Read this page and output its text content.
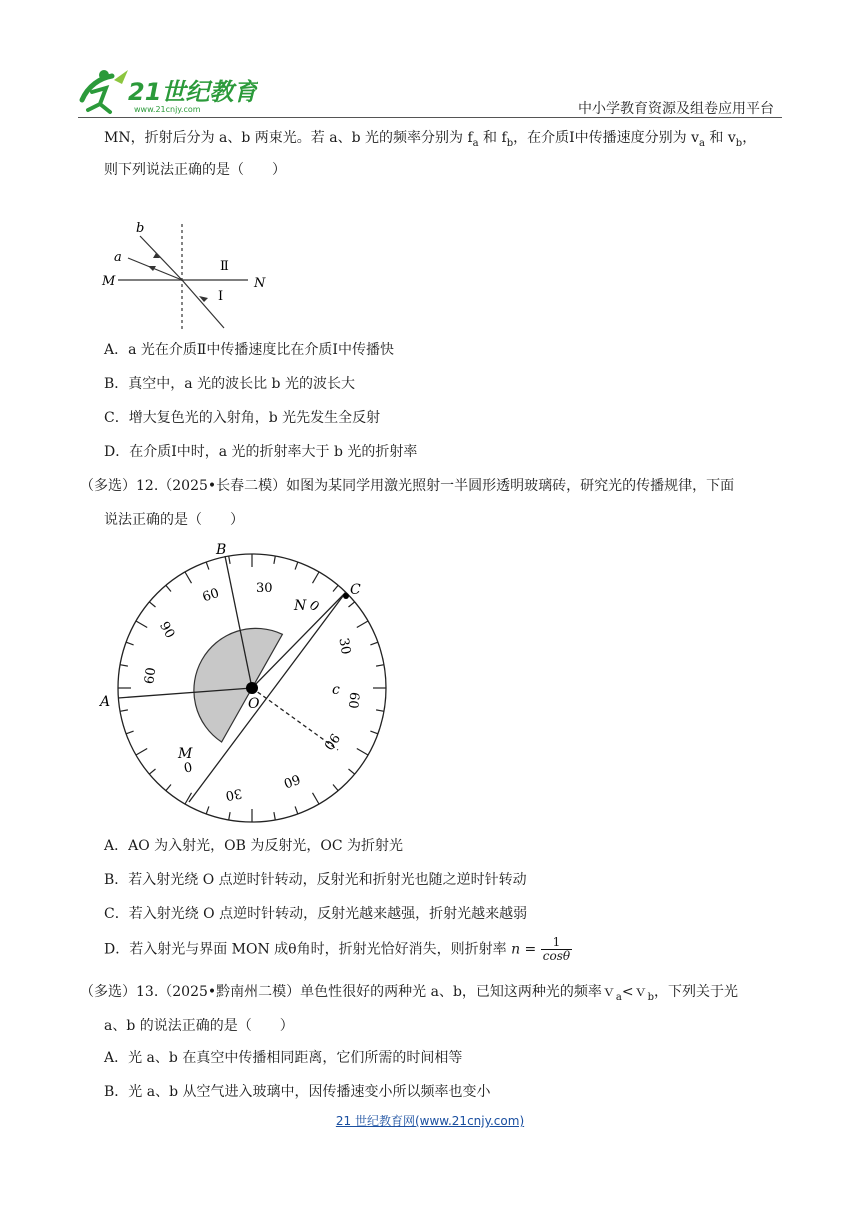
21世纪教育
www.21cnjy.com	中小学教育资源及组卷应用平台
MN，折射后分为 a、b 两束光。若 a、b 光的频率分别为 $f_a$ 和 $f_b$，在介质Ⅰ中传播速度分别为 $v_a$ 和 $v_b$，
则下列说法正确的是（　　）
b
a
M	N
Ⅱ
Ⅰ
A．a 光在介质Ⅱ中传播速度比在介质Ⅰ中传播快
B．真空中，a 光的波长比 b 光的波长大
C．增大复色光的入射角，b 光先发生全反射
D．在介质Ⅰ中时，a 光的折射率大于 b 光的折射率
（多选）12.（2025•长春二模）如图为某同学用激光照射一半圆形透明玻璃砖，研究光的传播规律，下面
说法正确的是（　　）
B
C
N
O
A
M
c
30
60
90
60
0
30
60
90
0
30
60
A．AO 为入射光，OB 为反射光，OC 为折射光
B．若入射光绕 O 点逆时针转动，反射光和折射光也随之逆时针转动
C．若入射光绕 O 点逆时针转动，反射光越来越强，折射光越来越弱
D．若入射光与界面 MON 成θ角时，折射光恰好消失，则折射率 $n = \frac{1}{\cos\theta}$
（多选）13.（2025•黔南州二模）单色性很好的两种光 a、b，已知这两种光的频率ｖ$_a$<ｖ$_b$，下列关于光
a、b 的说法正确的是（　　）
A．光 a、b 在真空中传播相同距离，它们所需的时间相等
B．光 a、b 从空气进入玻璃中，因传播速变小所以频率也变小
21 世纪教育网(www.21cnjy.com)
